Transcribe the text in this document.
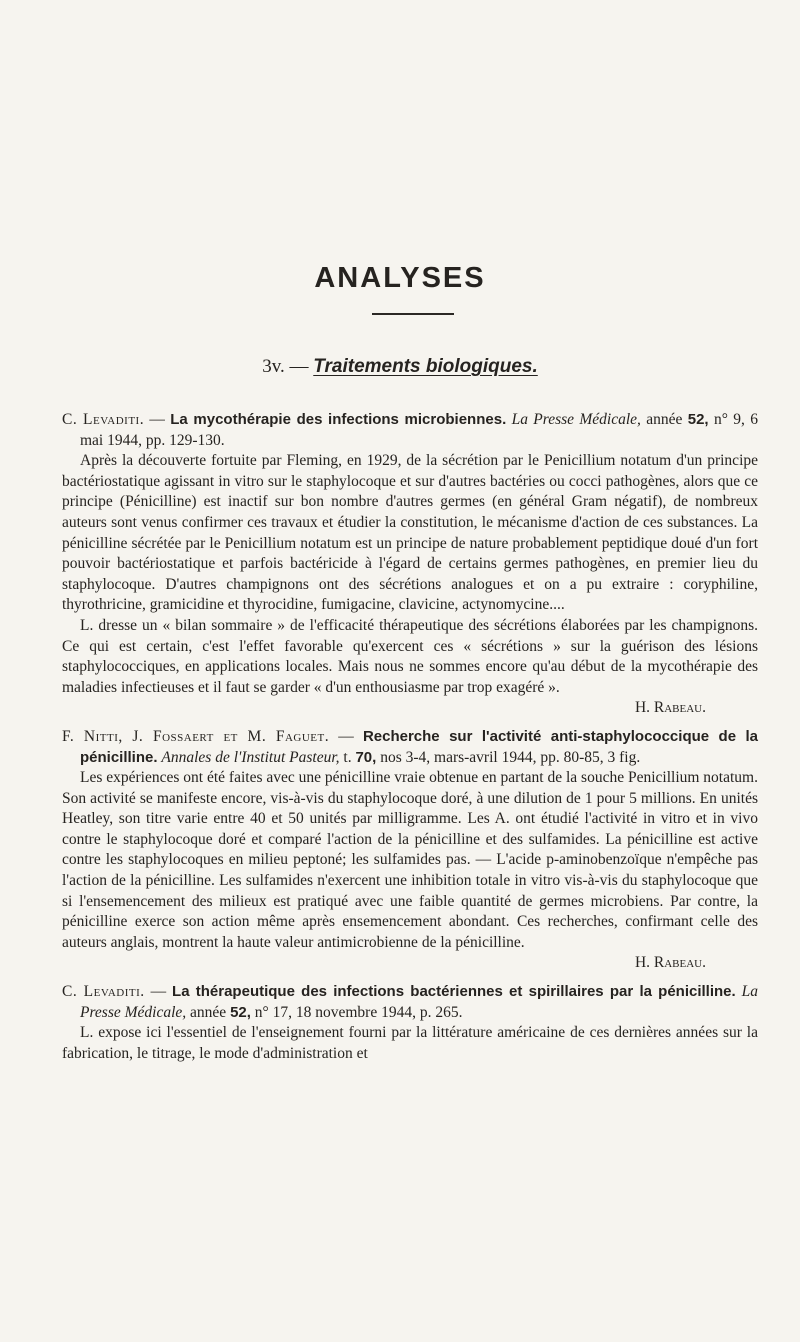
ANALYSES
3v. — Traitements biologiques.

C. Levaditi. — La mycothérapie des infections microbiennes. La Presse Médicale, année 52, n° 9, 6 mai 1944, pp. 129-130.

Après la découverte fortuite par Fleming, en 1929, de la sécrétion par le Penicillium notatum d'un principe bactériostatique agissant in vitro sur le staphylocoque et sur d'autres bactéries ou cocci pathogènes, alors que ce principe (Pénicilline) est inactif sur bon nombre d'autres germes (en général Gram négatif), de nombreux auteurs sont venus confirmer ces travaux et étudier la constitution, le mécanisme d'action de ces substances. La pénicilline sécrétée par le Penicillium notatum est un principe de nature probablement peptidique doué d'un fort pouvoir bactériostatique et parfois bactéricide à l'égard de certains germes pathogènes, en premier lieu du staphylocoque. D'autres champignons ont des sécrétions analogues et on a pu extraire : coryphiline, thyrothricine, gramicidine et thyrocidine, fumigacine, clavicine, actynomycine....

L. dresse un « bilan sommaire » de l'efficacité thérapeutique des sécrétions élaborées par les champignons. Ce qui est certain, c'est l'effet favorable qu'exercent ces « sécrétions » sur la guérison des lésions staphylococciques, en applications locales. Mais nous ne sommes encore qu'au début de la mycothérapie des maladies infectieuses et il faut se garder « d'un enthousiasme par trop exagéré ».

H. Rabeau.

F. Nitti, J. Fossaert et M. Faguet. — Recherche sur l'activité anti-staphylococcique de la pénicilline. Annales de l'Institut Pasteur, t. 70, nos 3-4, mars-avril 1944, pp. 80-85, 3 fig.

Les expériences ont été faites avec une pénicilline vraie obtenue en partant de la souche Penicillium notatum. Son activité se manifeste encore, vis-à-vis du staphylocoque doré, à une dilution de 1 pour 5 millions. En unités Heatley, son titre varie entre 40 et 50 unités par milligramme. Les A. ont étudié l'activité in vitro et in vivo contre le staphylocoque doré et comparé l'action de la pénicilline et des sulfamides. La pénicilline est active contre les staphylocoques en milieu peptoné; les sulfamides pas. — L'acide p-aminobenzoïque n'empêche pas l'action de la pénicilline. Les sulfamides n'exercent une inhibition totale in vitro vis-à-vis du staphylocoque que si l'ensemencement des milieux est pratiqué avec une faible quantité de germes microbiens. Par contre, la pénicilline exerce son action même après ensemencement abondant. Ces recherches, confirmant celle des auteurs anglais, montrent la haute valeur antimicrobienne de la pénicilline.

H. Rabeau.

C. Levaditi. — La thérapeutique des infections bactériennes et spirillaires par la pénicilline. La Presse Médicale, année 52, n° 17, 18 novembre 1944, p. 265.

L. expose ici l'essentiel de l'enseignement fourni par la littérature américaine de ces dernières années sur la fabrication, le titrage, le mode d'administration et
